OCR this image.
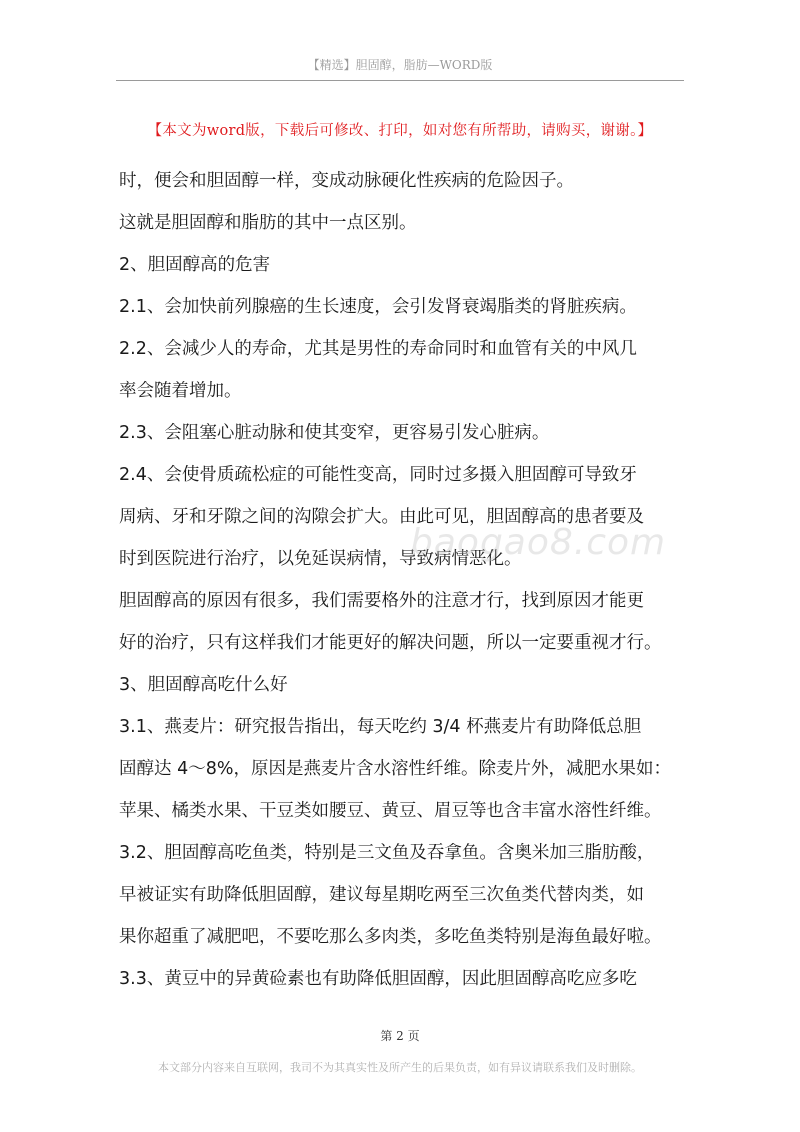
【精选】胆固醇，脂肪—WORD版
【本文为word版，下载后可修改、打印，如对您有所帮助，请购买，谢谢。】

时，便会和胆固醇一样，变成动脉硬化性疾病的危险因子。

这就是胆固醇和脂肪的其中一点区别。

2、胆固醇高的危害

2.1、会加快前列腺癌的生长速度，会引发肾衰竭脂类的肾脏疾病。

2.2、会减少人的寿命，尤其是男性的寿命同时和血管有关的中风几

率会随着增加。

2.3、会阻塞心脏动脉和使其变窄，更容易引发心脏病。

2.4、会使骨质疏松症的可能性变高，同时过多摄入胆固醇可导致牙

周病、牙和牙隙之间的沟隙会扩大。由此可见，胆固醇高的患者要及

时到医院进行治疗，以免延误病情，导致病情恶化。

胆固醇高的原因有很多，我们需要格外的注意才行，找到原因才能更

好的治疗，只有这样我们才能更好的解决问题，所以一定要重视才行。

3、胆固醇高吃什么好

3.1、燕麦片：研究报告指出，每天吃约 3/4 杯燕麦片有助降低总胆

固醇达 4～8%，原因是燕麦片含水溶性纤维。除麦片外，减肥水果如：

苹果、橘类水果、干豆类如腰豆、黄豆、眉豆等也含丰富水溶性纤维。

3.2、胆固醇高吃鱼类，特别是三文鱼及吞拿鱼。含奥米加三脂肪酸，

早被证实有助降低胆固醇，建议每星期吃两至三次鱼类代替肉类，如

果你超重了减肥吧，不要吃那么多肉类，多吃鱼类特别是海鱼最好啦。

3.3、黄豆中的异黄硷素也有助降低胆固醇，因此胆固醇高吃应多吃

baogao8.com
第 2 页
本文部分内容来自互联网，我司不为其真实性及所产生的后果负责，如有异议请联系我们及时删除。
